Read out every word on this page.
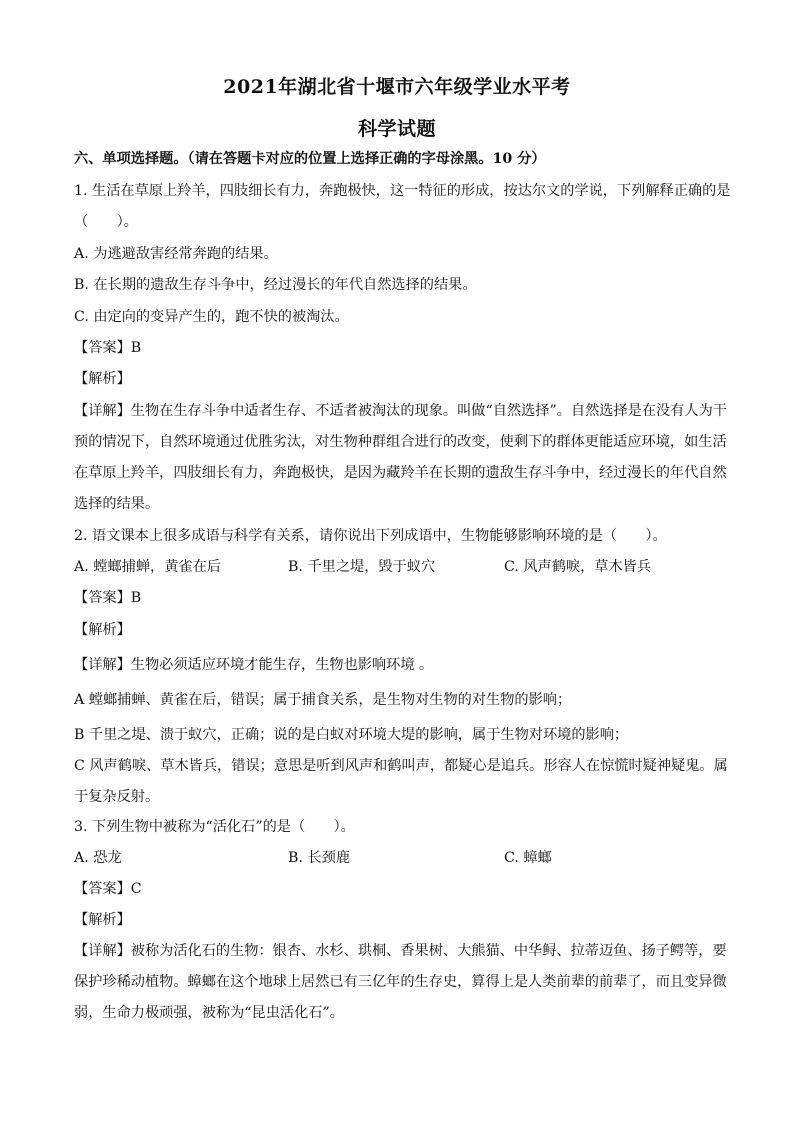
2021年湖北省十堰市六年级学业水平考
科学试题
六、单项选择题。（请在答题卡对应的位置上选择正确的字母涂黑。10 分）
1. 生活在草原上羚羊，四肢细长有力，奔跑极快，这一特征的形成，按达尔文的学说，下列解释正确的是
（　　）。
A. 为逃避敌害经常奔跑的结果。
B. 在长期的遗敌生存斗争中，经过漫长的年代自然选择的结果。
C. 由定向的变异产生的，跑不快的被淘汰。
【答案】B
【解析】
【详解】生物在生存斗争中适者生存、不适者被淘汰的现象。叫做“自然选择”。自然选择是在没有人为干
预的情况下，自然环境通过优胜劣汰，对生物种群组合进行的改变，使剩下的群体更能适应环境，如生活
在草原上羚羊，四肢细长有力，奔跑极快，是因为藏羚羊在长期的遗敌生存斗争中，经过漫长的年代自然
选择的结果。
2. 语文课本上很多成语与科学有关系，请你说出下列成语中，生物能够影响环境的是（　　）。
A. 螳螂捕蝉，黄雀在后	B. 千里之堤，毁于蚁穴	C. 风声鹤唳，草木皆兵
【答案】B
【解析】
【详解】生物必须适应环境才能生存，生物也影响环境 。
A 螳螂捕蝉、黄雀在后，错误；属于捕食关系，是生物对生物的对生物的影响；
B 千里之堤、溃于蚁穴，正确；说的是白蚁对环境大堤的影响，属于生物对环境的影响；
C 风声鹤唳、草木皆兵，错误；意思是听到风声和鹤叫声，都疑心是追兵。形容人在惊慌时疑神疑鬼。属
于复杂反射。
3. 下列生物中被称为“活化石”的是（　　）。
A. 恐龙	B. 长颈鹿	C. 蟑螂
【答案】C
【解析】
【详解】被称为活化石的生物：银杏、水杉、珙桐、香果树、大熊猫、中华鲟、拉蒂迈鱼、扬子鳄等，要
保护珍稀动植物。蟑螂在这个地球上居然已有三亿年的生存史，算得上是人类前辈的前辈了，而且变异微
弱，生命力极顽强，被称为“昆虫活化石”。
